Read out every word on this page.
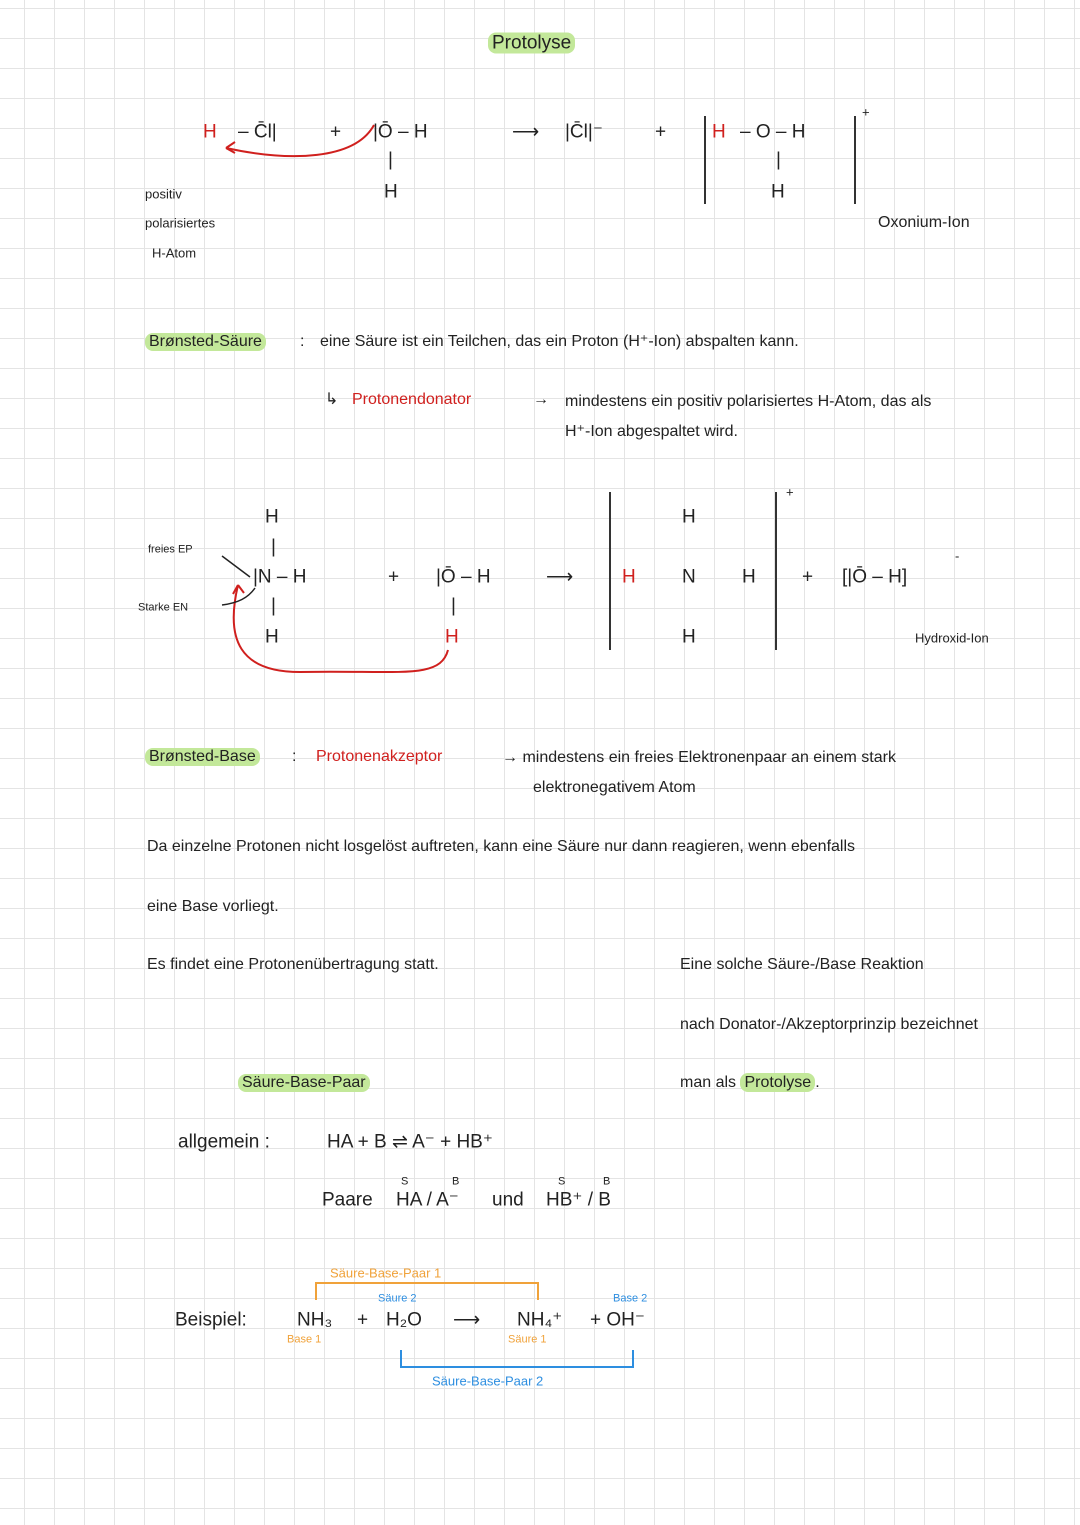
Protolyse
H – C̄l|	+ |Ō – H
|
H
⟶ |C̄l|⁻	+ H – O – H
|
H
+
Oxonium-Ion
positiv
polarisiertes
H-Atom
Brønsted-Säure : eine Säure ist ein Teilchen, das ein Proton (H⁺-Ion) abspalten kann.
↳ Protonendonator	→ mindestens ein positiv polarisiertes H-Atom, das als
H⁺-Ion abgespaltet wird.
H
|
|N – H
|
H
+ |Ō – H
|
H
⟶
H
H N H
H
+
+ [|Ō – H]
-
Hydroxid-Ion
freies EP
Starke EN
Brønsted-Base : Protonenakzeptor	→ mindestens ein freies Elektronenpaar an einem stark
elektronegativem Atom
Da einzelne Protonen nicht losgelöst auftreten, kann eine Säure nur dann reagieren, wenn ebenfalls
eine Base vorliegt.
Es findet eine Protonenübertragung statt.	Eine solche Säure-/Base Reaktion
nach Donator-/Akzeptorprinzip bezeichnet
man als Protolyse .
Säure-Base-Paar
allgemein :	HA + B ⇌ A⁻ + HB⁺
Paare HA / A⁻ und HB⁺ / B
S	B	S	B
Beispiel:	NH₃ + H₂O ⟶ NH₄⁺ + OH⁻
Base 1
Säure 2
Säure 1
Base 2
Säure-Base-Paar 1
Säure-Base-Paar 2
